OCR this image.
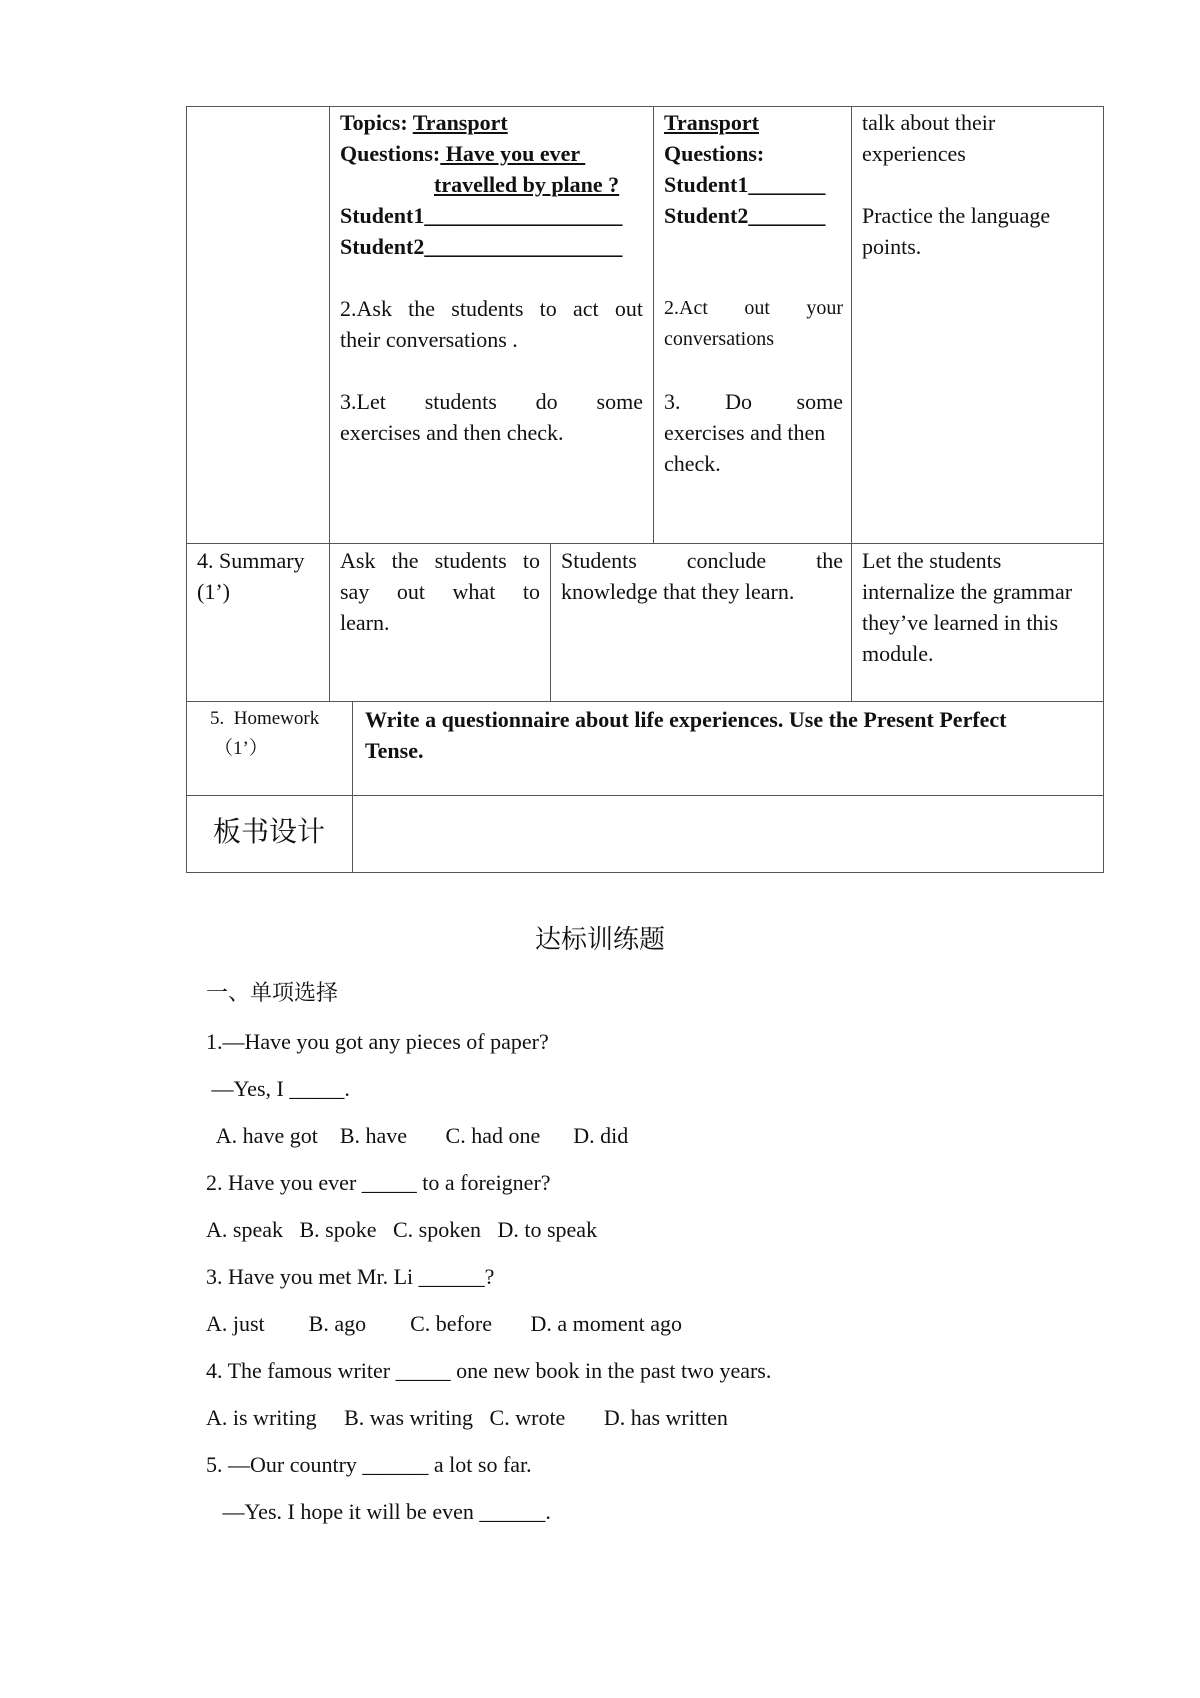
Topics: Transport
Questions: Have you ever
travelled by plane ?
Student1__________________
Student2__________________
2.Ask the students to act out
their conversations .
3.Let students do some
exercises and then check.
Transport
Questions:
Student1_______
Student2_______
2.Act out your
conversations
3. Do some
exercises and then
check.
talk about their
experiences
Practice the language
points.
4. Summary
(1’)
Ask the students to
say out what to
learn.
Students conclude the
knowledge that they learn.
Let the students
internalize the grammar
they’ve learned in this
module.
5.  Homework
（1’）
Write a questionnaire about life experiences. Use the Present Perfect
Tense.
板书设计
达标训练题
一、单项选择
1.—Have you got any pieces of paper?
—Yes, I _____.
A. have got    B. have       C. had one      D. did
2. Have you ever _____ to a foreigner?
A. speak   B. spoke   C. spoken   D. to speak
3. Have you met Mr. Li ______?
A. just        B. ago        C. before       D. a moment ago
4. The famous writer _____ one new book in the past two years.
A. is writing     B. was writing   C. wrote       D. has written
5. —Our country ______ a lot so far.
—Yes. I hope it will be even ______.
